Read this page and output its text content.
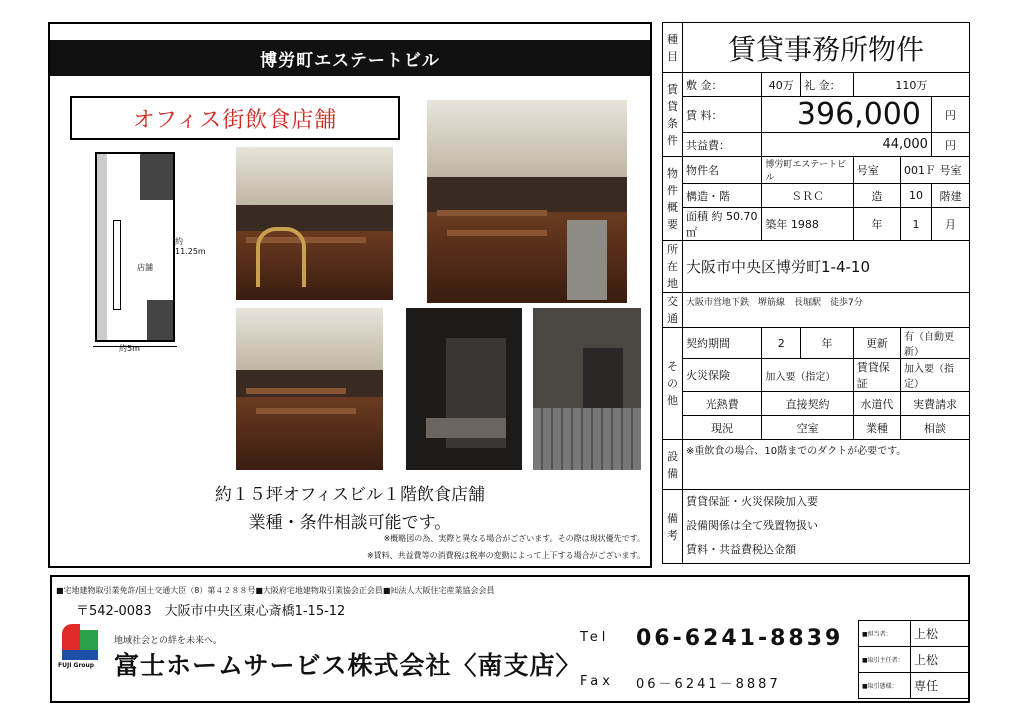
博労町エステートビル
オフィス街飲食店舗
店舗
約11.25m
約5m
約１５坪オフィスビル１階飲食店舗
業種・条件相談可能です。
※概略図の為、実際と異なる場合がございます。その際は現状優先です。
※賃料、共益費等の消費税は税率の変動によって上下する場合がございます。
種目	賃貸事務所物件					
賃貸条件	敷 金：	40万	礼 金：	110万		
	賃 料：	396,000				円
	共益費：	44,000				円
物件概要	物件名	博労町エステートビル		号室	001Ｆ 号室	
	構造・階	ＳＲＣ		造	10	階建
	面積 約 50.70 ㎡	築年 1988		年	1	月
所在地	大阪市中央区博労町1-4-10					
交通	大阪市営地下鉄　堺筋線　長堀駅　徒歩7分					
その他	契約期間	2	年	更新	有（自動更新）	
	火災保険	加入要（指定）		賃貸保証	加入要（指定）	
	光熱費	直接契約		水道代	実費請求	
	現況	空室		業種	相談	
設備	※重飲食の場合、10階までのダクトが必要です。					
備考	賃貸保証・火災保険加入要
設備関係は全て残置物扱い
賃料・共益費税込金額					
■宅地建物取引業免許/国土交通大臣（8）第４２８８号■大阪府宅地建物取引業協会正会員■㈳法人大阪住宅産業協会会員
〒542-0083　大阪市中央区東心斎橋1-15-12
FUJI Group
地域社会との絆を未来へ。
富士ホームサービス株式会社〈南支店〉
Tel 06-6241-8839
Fax 06－6241－8887
■担当者：	上松
■取引主任者：	上松
■取引態様：	専任
